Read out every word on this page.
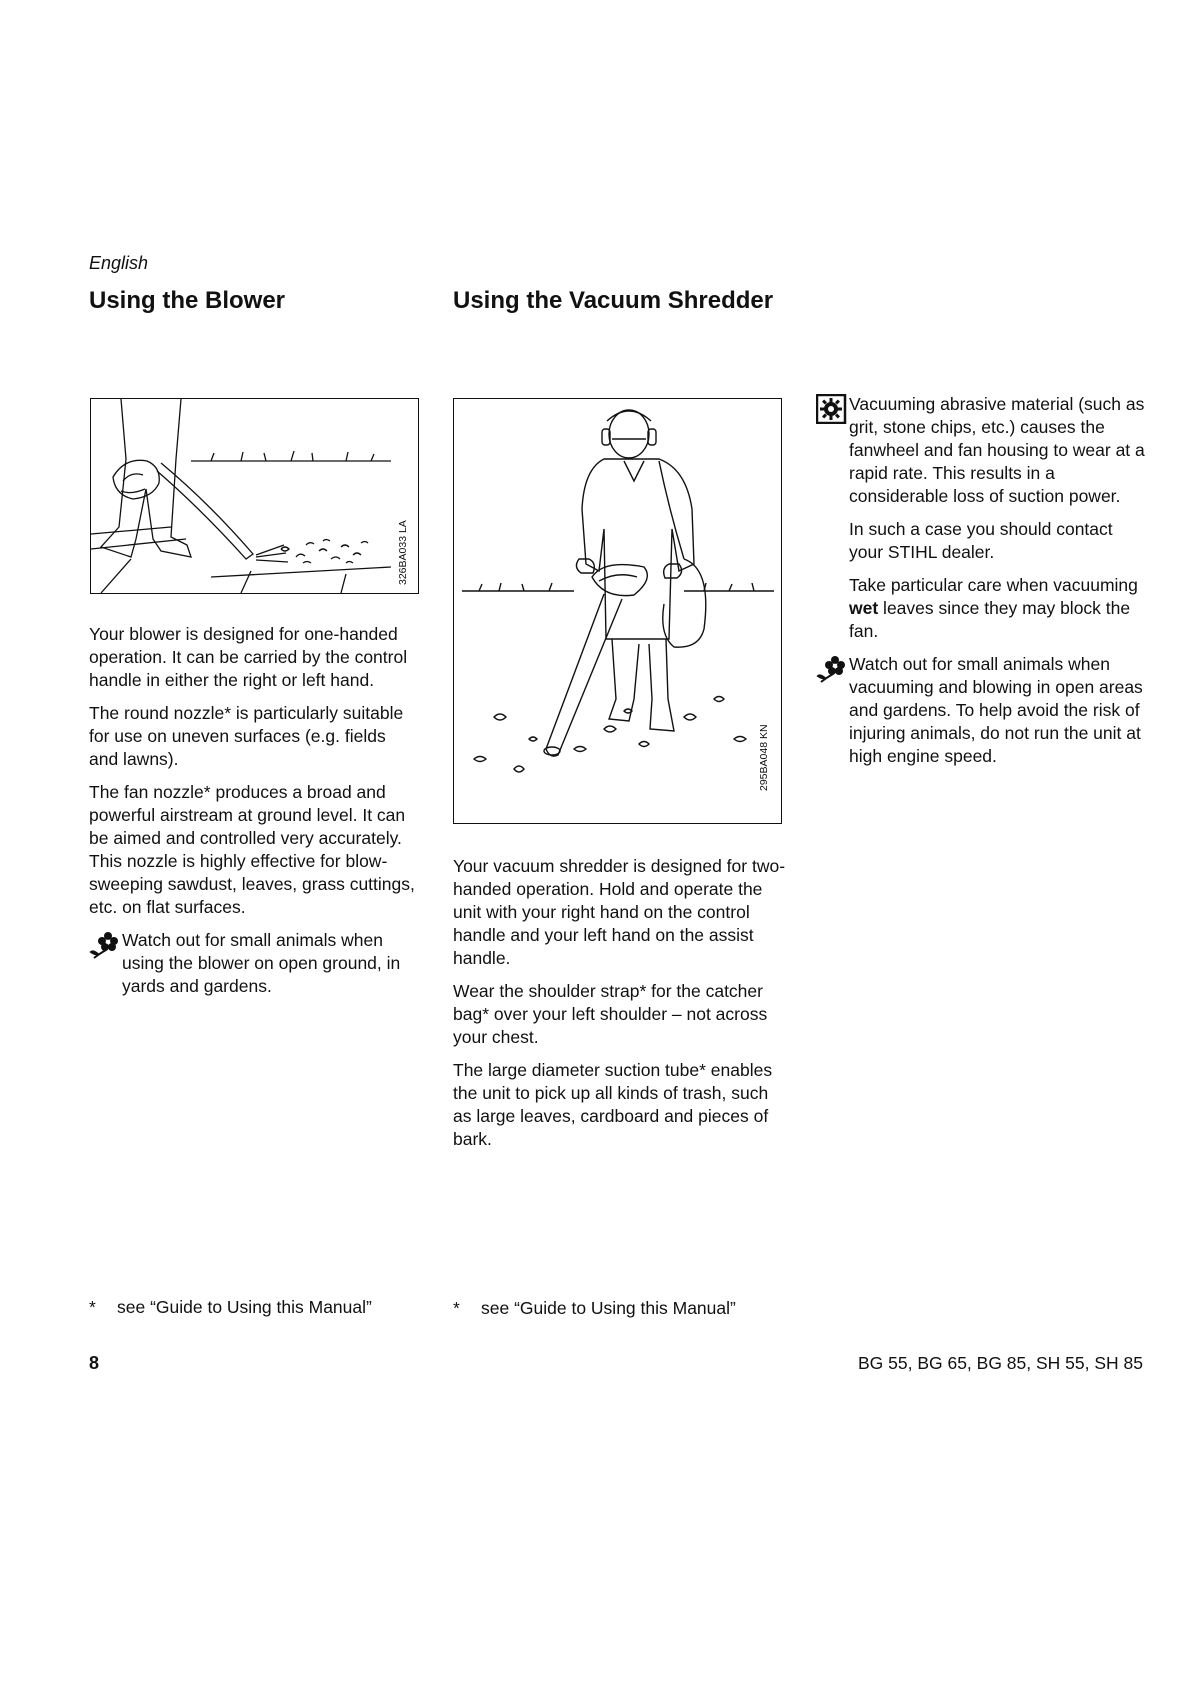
English
Using the Blower	Using the Vacuum Shredder
326BA033 LA
295BA048 KN

Your blower is designed for one-handed operation. It can be carried by the control handle in either the right or left hand.

The round nozzle* is particularly suitable for use on uneven surfaces (e.g. fields and lawns).

The fan nozzle* produces a broad and powerful airstream at ground level. It can be aimed and controlled very accurately. This nozzle is highly effective for blow-sweeping sawdust, leaves, grass cuttings, etc. on flat surfaces.

Watch out for small animals when using the blower on open ground, in yards and gardens.

Your vacuum shredder is designed for two-handed operation. Hold and operate the unit with your right hand on the control handle and your left hand on the assist handle.

Wear the shoulder strap* for the catcher bag* over your left shoulder – not across your chest.

The large diameter suction tube* enables the unit to pick up all kinds of trash, such as large leaves, cardboard and pieces of bark.

Vacuuming abrasive material (such as grit, stone chips, etc.) causes the fanwheel and fan housing to wear at a rapid rate. This results in a considerable loss of suction power.

In such a case you should contact your STIHL dealer.

Take particular care when vacuuming wet leaves since they may block the fan.

Watch out for small animals when vacuuming and blowing in open areas and gardens. To help avoid the risk of injuring animals, do not run the unit at high engine speed.
* see “Guide to Using this Manual”	* see “Guide to Using this Manual”
8	BG 55, BG 65, BG 85, SH 55, SH 85
